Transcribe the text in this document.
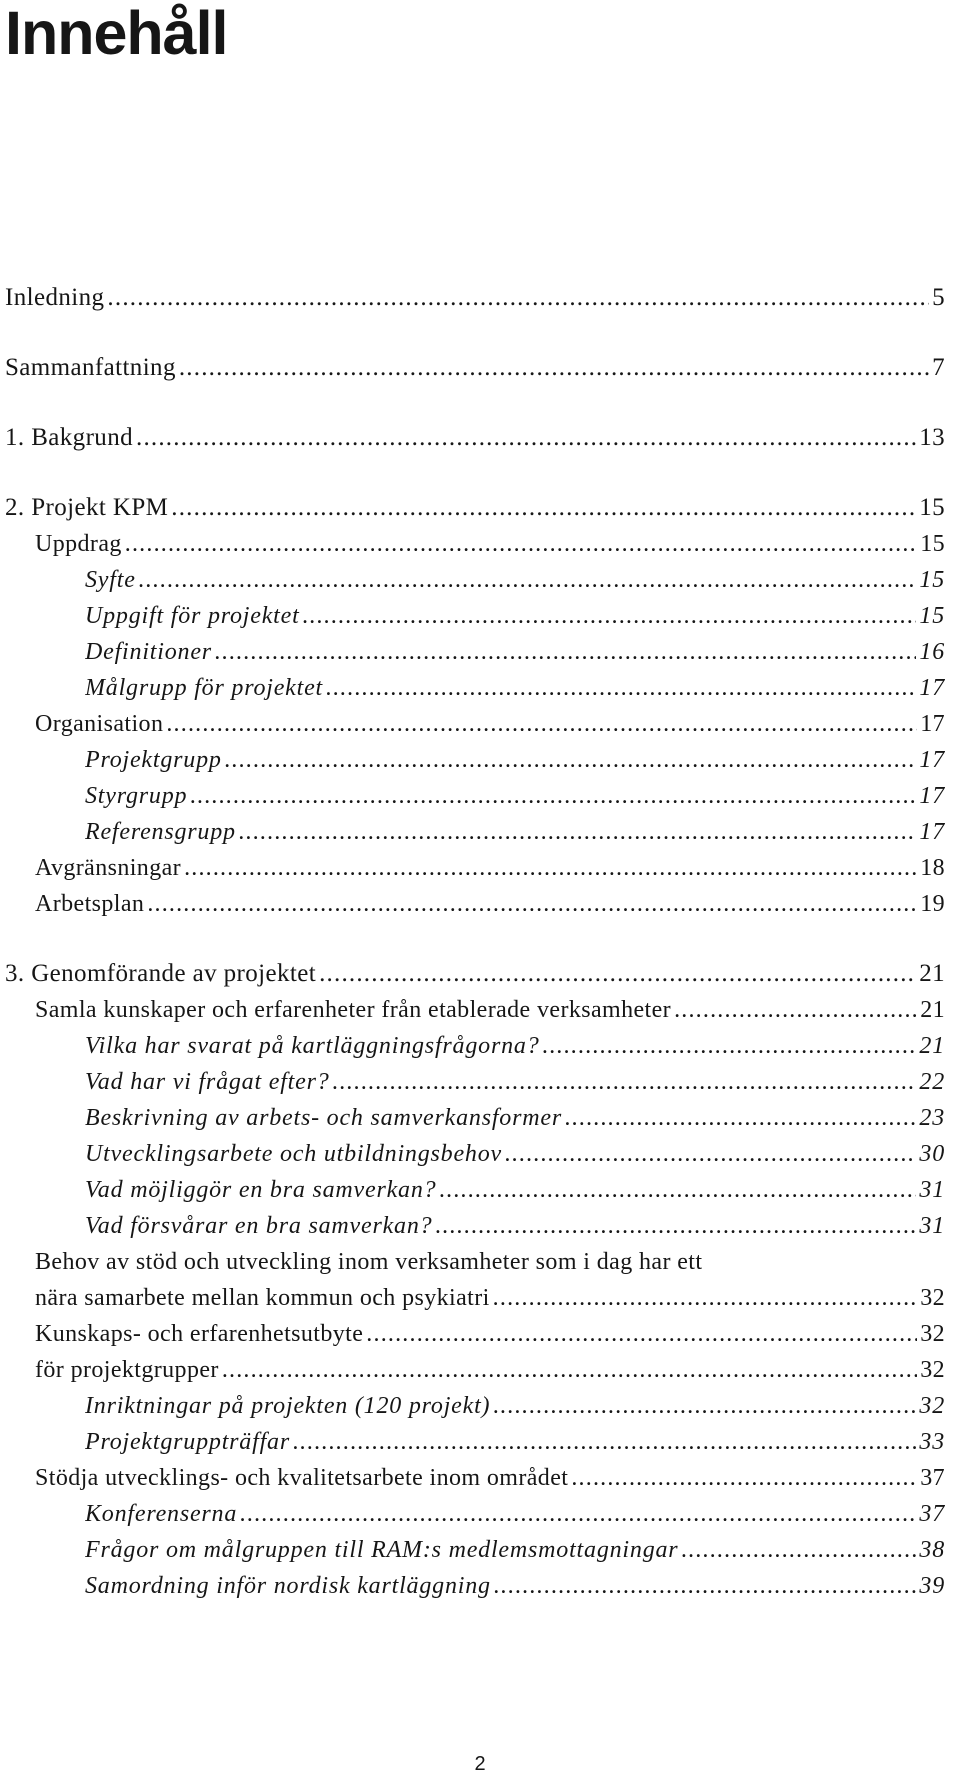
Innehåll
Inledning .....	5
Sammanfattning .....	7
1. Bakgrund .....	13
2. Projekt KPM .....	15
Uppdrag .....	15
Syfte .....	15
Uppgift för projektet .....	15
Definitioner .....	16
Målgrupp för projektet .....	17
Organisation .....	17
Projektgrupp .....	17
Styrgrupp .....	17
Referensgrupp .....	17
Avgränsningar .....	18
Arbetsplan .....	19
3. Genomförande av projektet .....	21
Samla kunskaper och erfarenheter från etablerade verksamheter .....	21
Vilka har svarat på kartläggningsfrågorna? .....	21
Vad har vi frågat efter? .....	22
Beskrivning av arbets- och samverkansformer .....	23
Utvecklingsarbete och utbildningsbehov .....	30
Vad möjliggör en bra samverkan? .....	31
Vad försvårar en bra samverkan? .....	31
Behov av stöd och utveckling inom verksamheter som i dag har ett
nära samarbete mellan kommun och psykiatri .....	32
Kunskaps- och erfarenhetsutbyte .....	32
för projektgrupper .....	32
Inriktningar på projekten (120 projekt) .....	32
Projektgruppträffar .....	33
Stödja utvecklings- och kvalitetsarbete inom området .....	37
Konferenserna .....	37
Frågor om målgruppen till RAM:s medlemsmottagningar .....	38
Samordning inför nordisk kartläggning .....	39
2
